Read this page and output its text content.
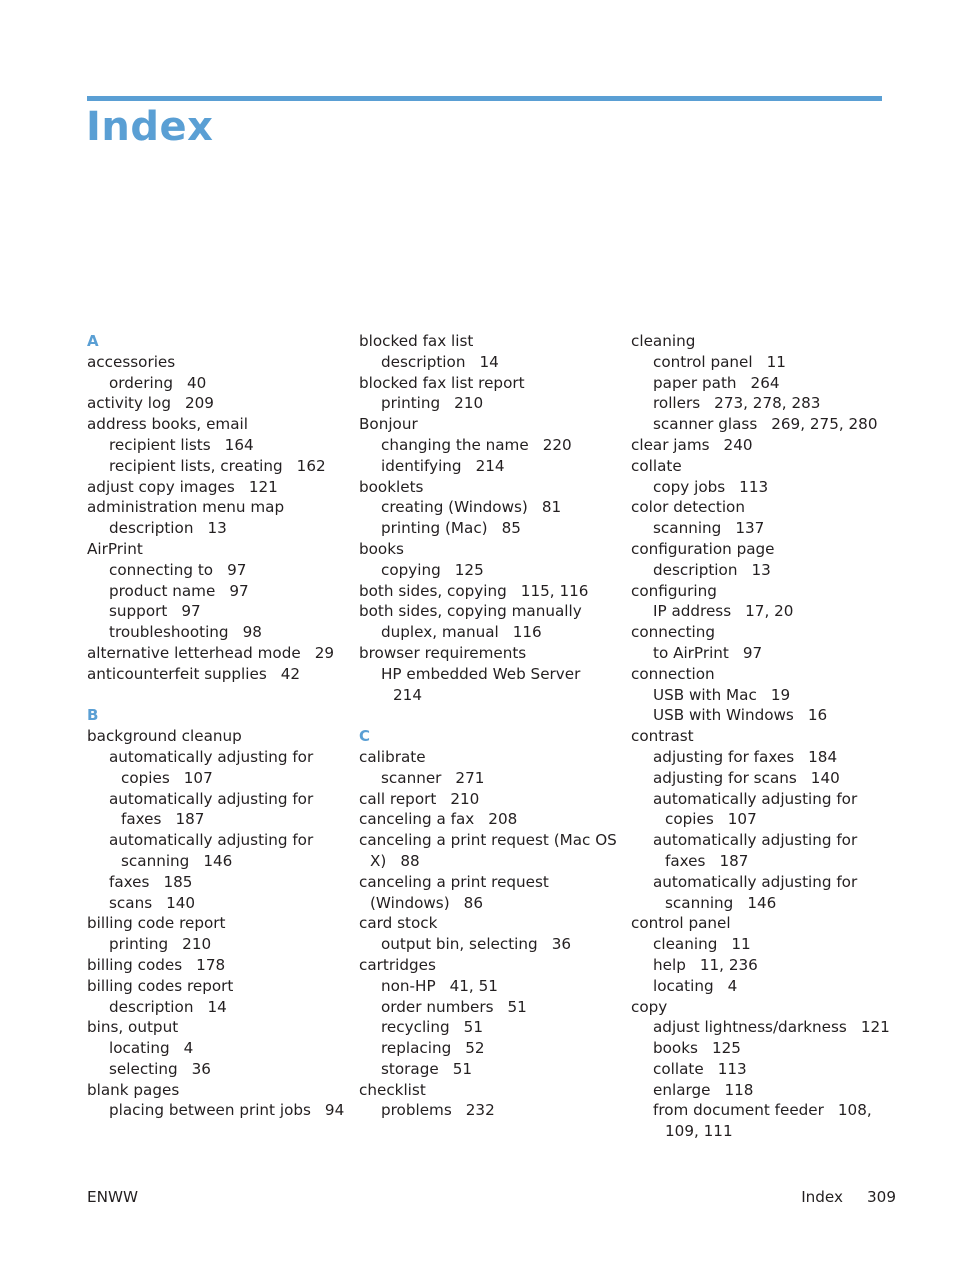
Index
A
accessories
ordering 40
activity log 209
address books, email
recipient lists 164
recipient lists, creating 162
adjust copy images 121
administration menu map
description 13
AirPrint
connecting to 97
product name 97
support 97
troubleshooting 98
alternative letterhead mode 29
anticounterfeit supplies 42
B
background cleanup
automatically adjusting for
copies 107
automatically adjusting for
faxes 187
automatically adjusting for
scanning 146
faxes 185
scans 140
billing code report
printing 210
billing codes 178
billing codes report
description 14
bins, output
locating 4
selecting 36
blank pages
placing between print jobs 94
blocked fax list
description 14
blocked fax list report
printing 210
Bonjour
changing the name 220
identifying 214
booklets
creating (Windows) 81
printing (Mac) 85
books
copying 125
both sides, copying 115, 116
both sides, copying manually
duplex, manual 116
browser requirements
HP embedded Web Server
214
C
calibrate
scanner 271
call report 210
canceling a fax 208
canceling a print request (Mac OS
X) 88
canceling a print request
(Windows) 86
card stock
output bin, selecting 36
cartridges
non-HP 41, 51
order numbers 51
recycling 51
replacing 52
storage 51
checklist
problems 232
cleaning
control panel 11
paper path 264
rollers 273, 278, 283
scanner glass 269, 275, 280
clear jams 240
collate
copy jobs 113
color detection
scanning 137
configuration page
description 13
configuring
IP address 17, 20
connecting
to AirPrint 97
connection
USB with Mac 19
USB with Windows 16
contrast
adjusting for faxes 184
adjusting for scans 140
automatically adjusting for
copies 107
automatically adjusting for
faxes 187
automatically adjusting for
scanning 146
control panel
cleaning 11
help 11, 236
locating 4
copy
adjust lightness/darkness 121
books 125
collate 113
enlarge 118
from document feeder 108,
109, 111
ENWW	Index 309
